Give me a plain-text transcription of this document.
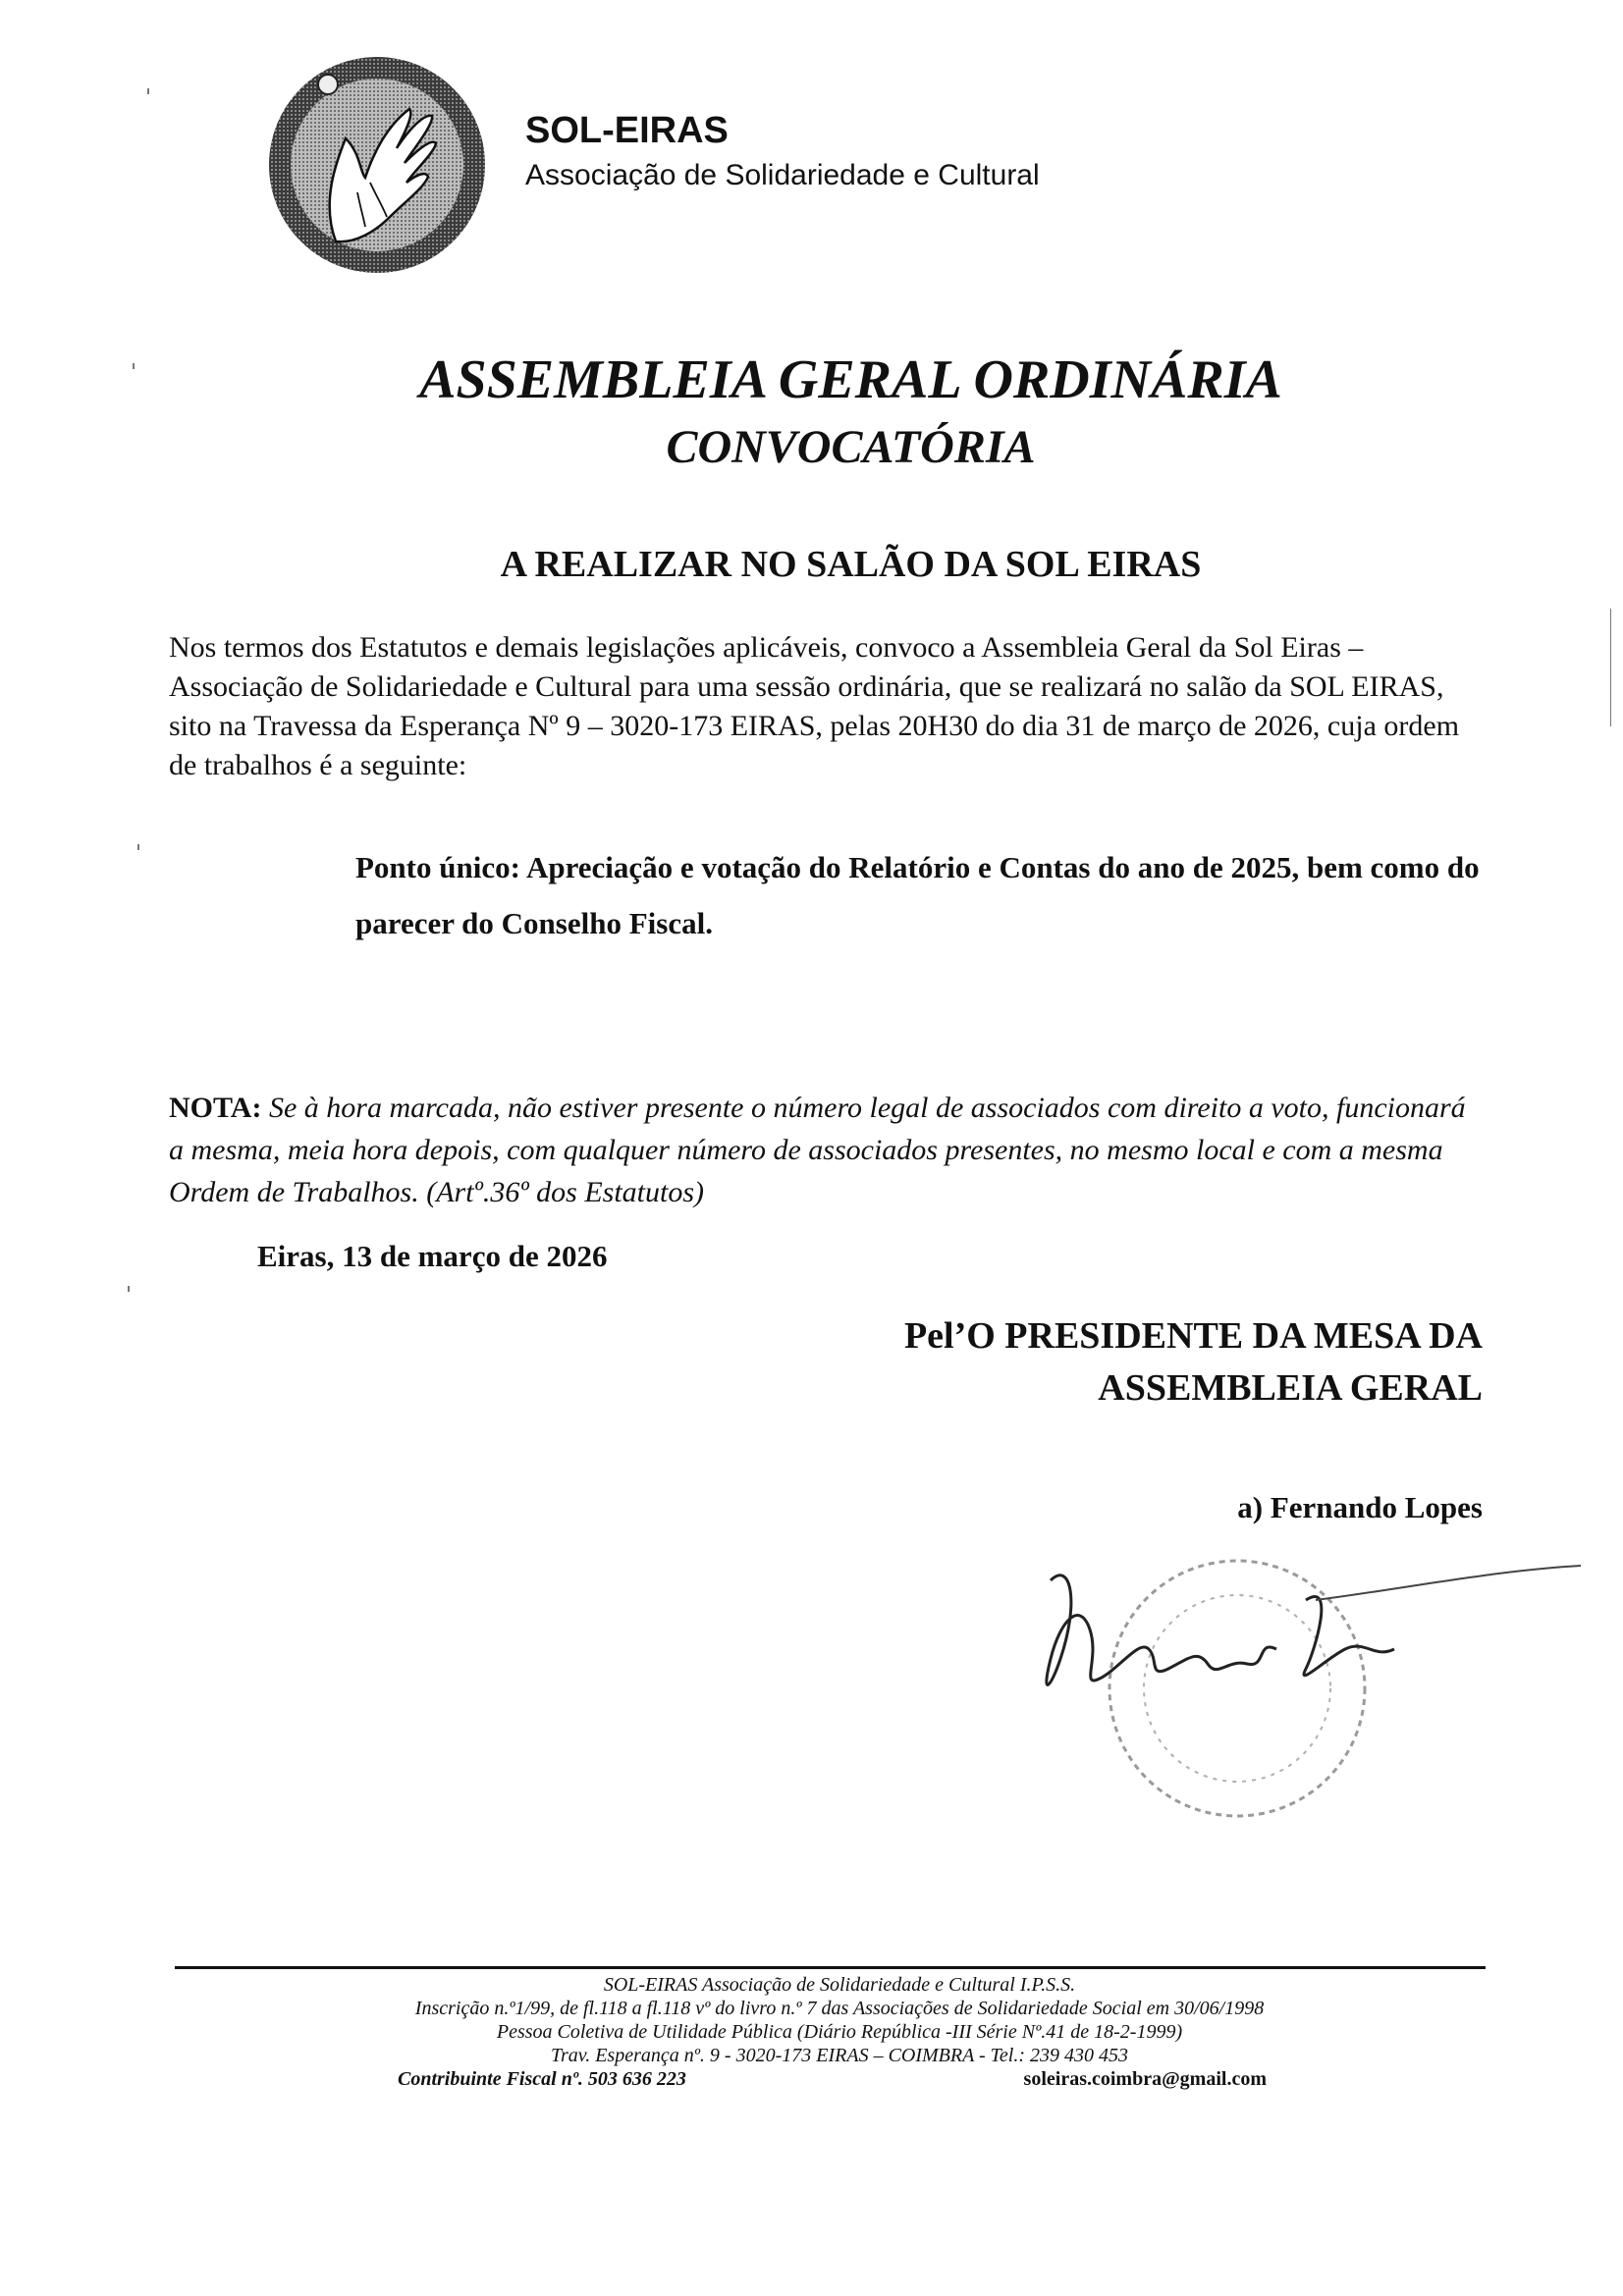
SOL-EIRAS
Associação de Solidariedade e Cultural
ASSEMBLEIA GERAL ORDINÁRIA
CONVOCATÓRIA
A REALIZAR NO SALÃO DA SOL EIRAS
Nos termos dos Estatutos e demais legislações aplicáveis, convoco a Assembleia Geral da Sol Eiras – Associação de Solidariedade e Cultural para uma sessão ordinária, que se realizará no salão da SOL EIRAS, sito na Travessa da Esperança Nº 9 – 3020-173 EIRAS, pelas 20H30 do dia 31 de março de 2026, cuja ordem de trabalhos é a seguinte:
Ponto único: Apreciação e votação do Relatório e Contas do ano de 2025, bem como do parecer do Conselho Fiscal.
NOTA: Se à hora marcada, não estiver presente o número legal de associados com direito a voto, funcionará a mesma, meia hora depois, com qualquer número de associados presentes, no mesmo local e com a mesma Ordem de Trabalhos. (Artº.36º dos Estatutos)
Eiras, 13 de março de 2026
Pel’O PRESIDENTE DA MESA DA
ASSEMBLEIA GERAL
a) Fernando Lopes
SOL-EIRAS Associação de Solidariedade e Cultural I.P.S.S.
Inscrição n.º1/99, de fl.118 a fl.118 vº do livro n.º 7 das Associações de Solidariedade Social em 30/06/1998
Pessoa Coletiva de Utilidade Pública (Diário República -III Série Nº.41 de 18-2-1999)
Trav. Esperança nº. 9 - 3020-173 EIRAS – COIMBRA - Tel.: 239 430 453
Contribuinte Fiscal nº. 503 636 223	soleiras.coimbra@gmail.com
